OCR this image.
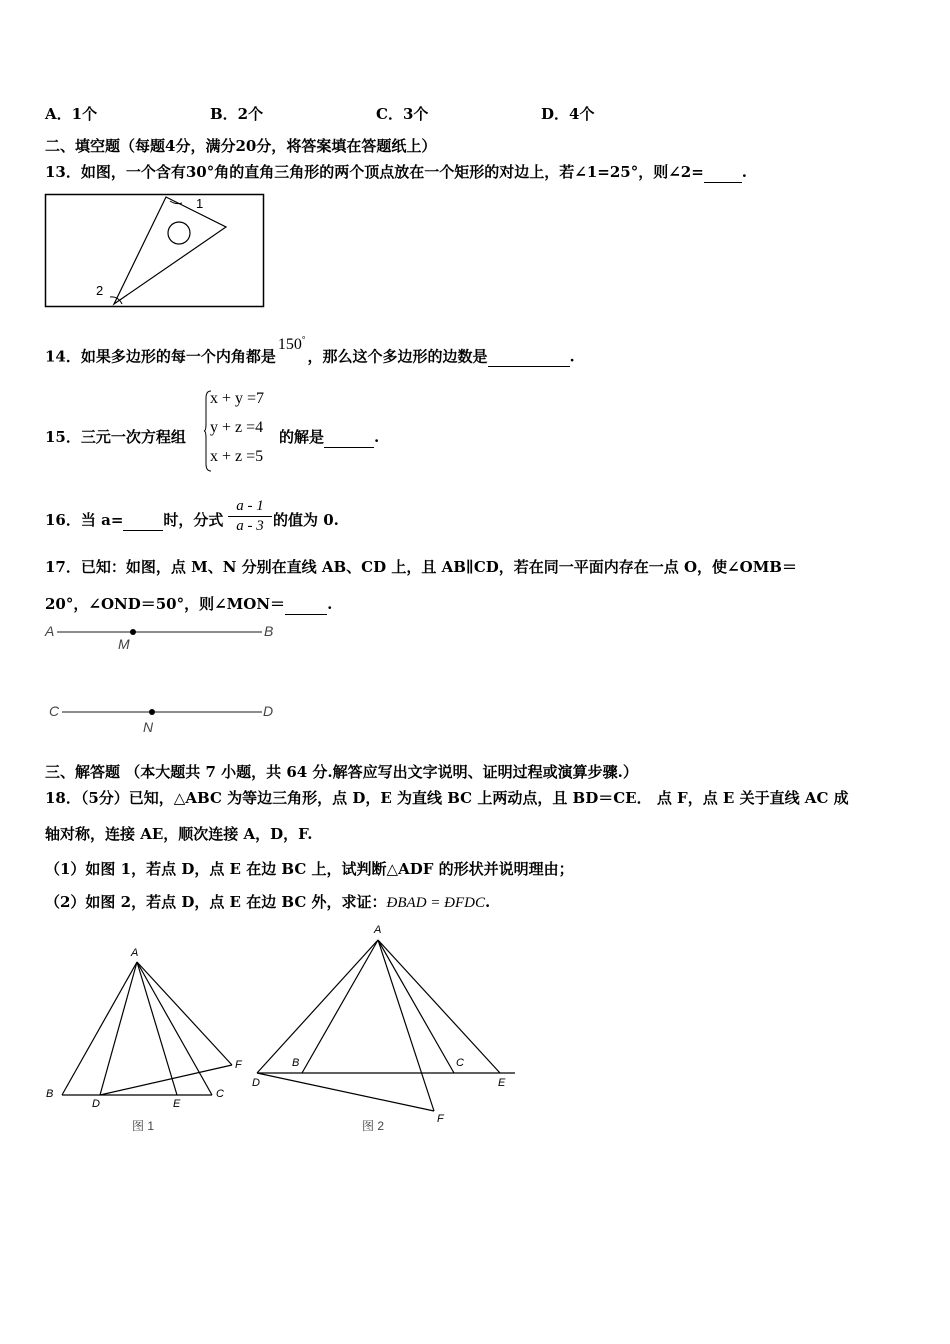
A．1个	B．2个	C．3个	D．4个
二、填空题（每题4分，满分20分，将答案填在答题纸上）
13．如图，一个含有30°角的直角三角形的两个顶点放在一个矩形的对边上，若∠1=25°，则∠2=	.
1
2
14．如果多边形的每一个内角都是150°，那么这个多边形的边数是	.
15．三元一次方程组
x + y =7
y + z =4
x + z =5
的解是	.
16．当 a=	时，分式
a - 1
a - 3 的值为 0.
17．已知：如图，点 M、N 分别在直线 AB、CD 上，且 AB∥CD，若在同一平面内存在一点 O，使∠OMB＝
20°，∠OND＝50°，则∠MON＝	.
A	B
M
C	D
N
三、解答题 （本大题共 7 小题，共 64 分.解答应写出文字说明、证明过程或演算步骤.）
18．（5分）已知，△ABC 为等边三角形，点 D，E 为直线 BC 上两动点，且 BD＝CE． 点 F，点 E 关于直线 AC 成
轴对称，连接 AE，顺次连接 A，D，F.
（1）如图 1，若点 D，点 E 在边 BC 上，试判断△ADF 的形状并说明理由；
（2）如图 2，若点 D，点 E 在边 BC 外，求证：ÐBAD = ÐFDC.
A
B	C
D	E
F
图 1
A
B	C
D	E
F
图 2
